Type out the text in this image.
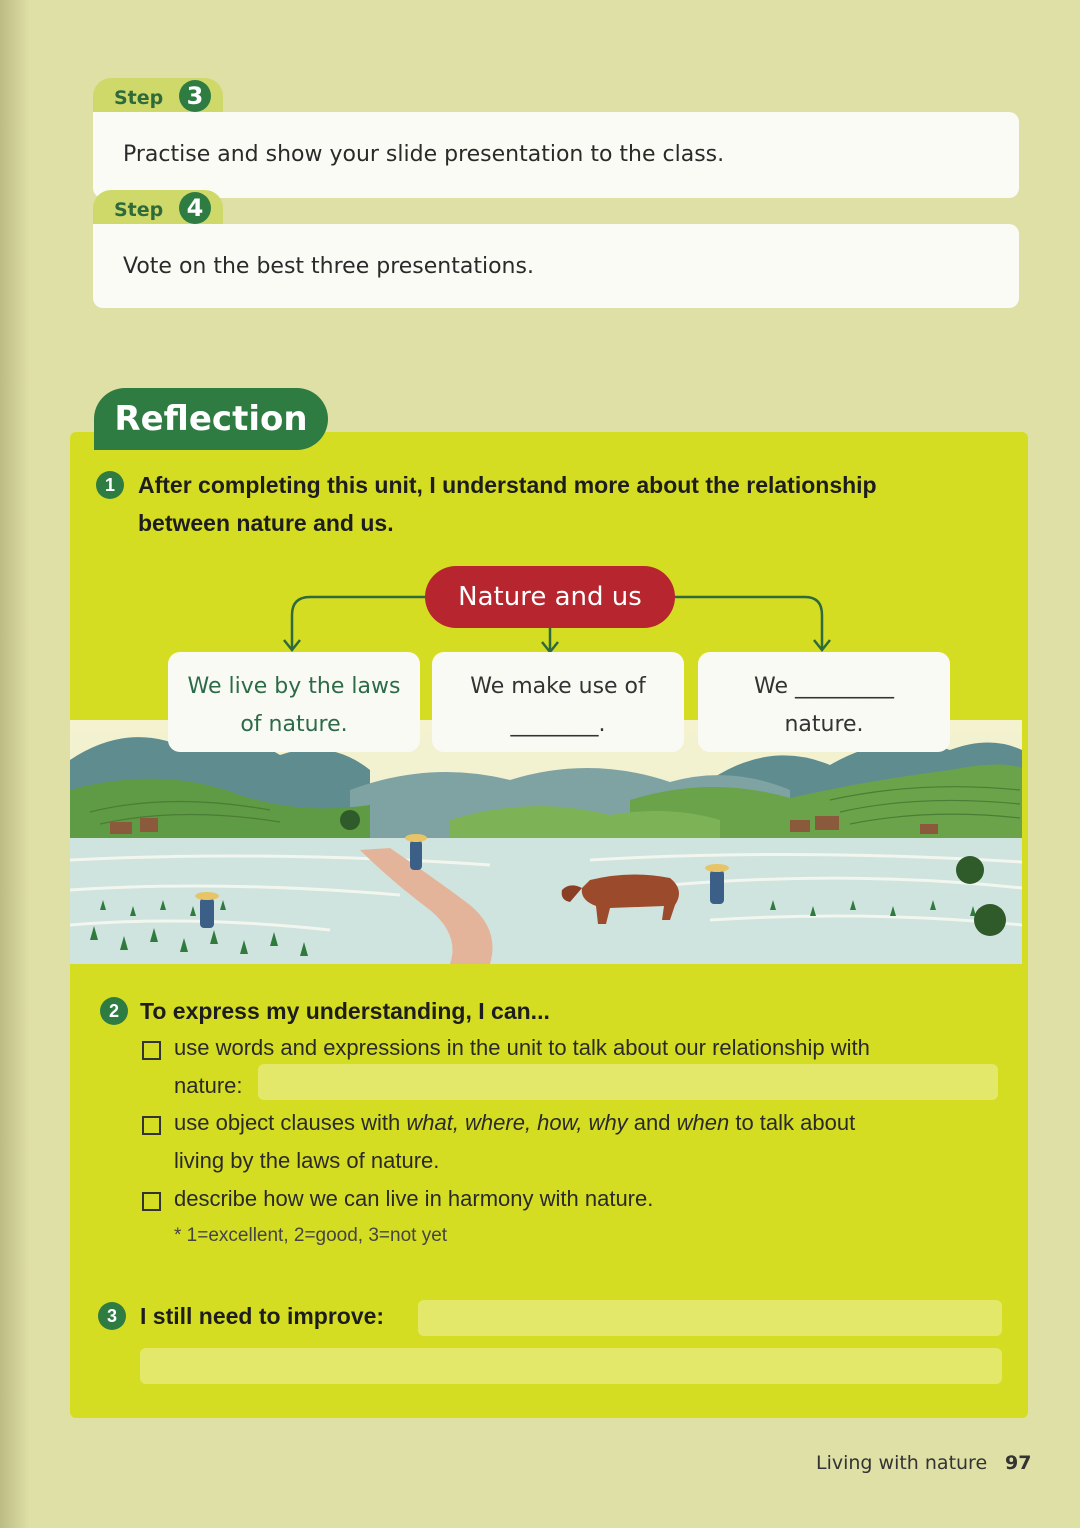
Step 3
Practise and show your slide presentation to the class.
Step 4
Vote on the best three presentations.
Reflection
1	After completing this unit, I understand more about the relationship
between nature and us.
Nature and us
We live by the laws
of nature.
We make use of
________.
We _________
nature.
2 To express my understanding, I can...
use words and expressions in the unit to talk about our relationship with
nature:
use object clauses with what, where, how, why and when to talk about
living by the laws of nature.
describe how we can live in harmony with nature.
* 1=excellent, 2=good, 3=not yet
3	I still need to improve:
Living with nature 97
